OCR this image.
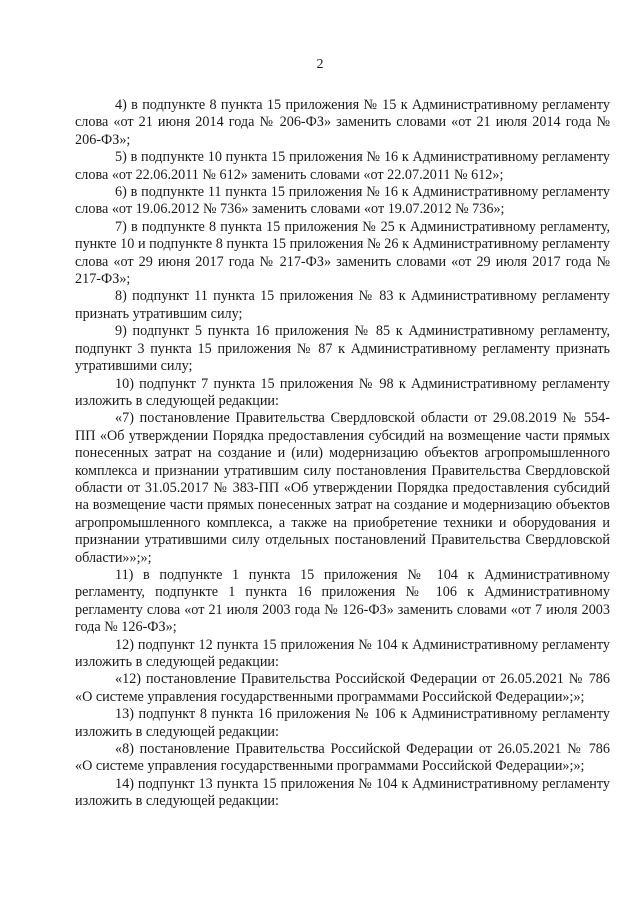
2

4) в подпункте 8 пункта 15 приложения № 15 к Административному регламенту слова «от 21 июня 2014 года № 206-ФЗ» заменить словами «от 21 июля 2014 года № 206-ФЗ»;

5) в подпункте 10 пункта 15 приложения № 16 к Административному регламенту слова «от 22.06.2011 № 612» заменить словами «от 22.07.2011 № 612»;

6) в подпункте 11 пункта 15 приложения № 16 к Административному регламенту слова «от 19.06.2012 № 736» заменить словами «от 19.07.2012 № 736»;

7) в подпункте 8 пункта 15 приложения № 25 к Административному регламенту, пункте 10 и подпункте 8 пункта 15 приложения № 26 к Административному регламенту слова «от 29 июня 2017 года № 217-ФЗ» заменить словами «от 29 июля 2017 года № 217-ФЗ»;

8) подпункт 11 пункта 15 приложения № 83 к Административному регламенту признать утратившим силу;

9) подпункт 5 пункта 16 приложения № 85 к Административному регламенту, подпункт 3 пункта 15 приложения № 87 к Административному регламенту признать утратившими силу;

10) подпункт 7 пункта 15 приложения № 98 к Административному регламенту изложить в следующей редакции:

«7) постановление Правительства Свердловской области от 29.08.2019 № 554-ПП «Об утверждении Порядка предоставления субсидий на возмещение части прямых понесенных затрат на создание и (или) модернизацию объектов агропромышленного комплекса и признании утратившим силу постановления Правительства Свердловской области от 31.05.2017 № 383-ПП «Об утверждении Порядка предоставления субсидий на возмещение части прямых понесенных затрат на создание и модернизацию объектов агропромышленного комплекса, а также на приобретение техники и оборудования и признании утратившими силу отдельных постановлений Правительства Свердловской области»»;»;

11) в подпункте 1 пункта 15 приложения № 104 к Административному регламенту, подпункте 1 пункта 16 приложения № 106 к Административному регламенту слова «от 21 июля 2003 года № 126-ФЗ» заменить словами «от 7 июля 2003 года № 126-ФЗ»;

12) подпункт 12 пункта 15 приложения № 104 к Административному регламенту изложить в следующей редакции:

«12) постановление Правительства Российской Федерации от 26.05.2021 № 786 «О системе управления государственными программами Российской Федерации»;»;

13) подпункт 8 пункта 16 приложения № 106 к Административному регламенту изложить в следующей редакции:

«8) постановление Правительства Российской Федерации от 26.05.2021 № 786 «О системе управления государственными программами Российской Федерации»;»;

14) подпункт 13 пункта 15 приложения № 104 к Административному регламенту изложить в следующей редакции:
